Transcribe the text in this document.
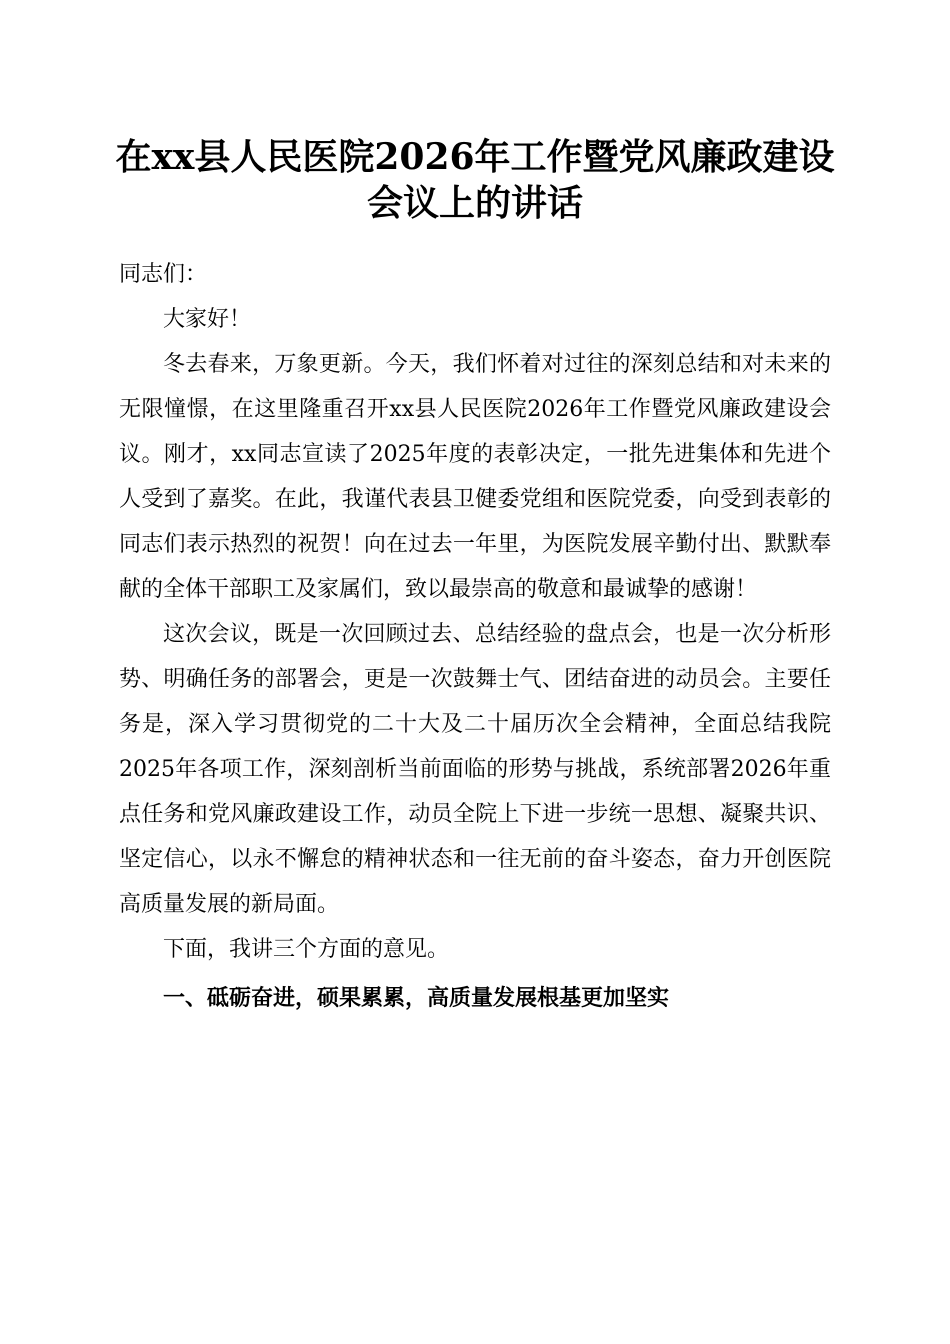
在xx县人民医院2026年工作暨党风廉政建设
会议上的讲话

同志们：

大家好！

冬去春来，万象更新。今天，我们怀着对过往的深刻总结和对未来的无限憧憬，在这里隆重召开xx县人民医院2026年工作暨党风廉政建设会议。刚才，xx同志宣读了2025年度的表彰决定，一批先进集体和先进个人受到了嘉奖。在此，我谨代表县卫健委党组和医院党委，向受到表彰的同志们表示热烈的祝贺！向在过去一年里，为医院发展辛勤付出、默默奉献的全体干部职工及家属们，致以最崇高的敬意和最诚挚的感谢！

这次会议，既是一次回顾过去、总结经验的盘点会，也是一次分析形势、明确任务的部署会，更是一次鼓舞士气、团结奋进的动员会。主要任务是，深入学习贯彻党的二十大及二十届历次全会精神，全面总结我院2025年各项工作，深刻剖析当前面临的形势与挑战，系统部署2026年重点任务和党风廉政建设工作，动员全院上下进一步统一思想、凝聚共识、坚定信心，以永不懈怠的精神状态和一往无前的奋斗姿态，奋力开创医院高质量发展的新局面。

下面，我讲三个方面的意见。

一、砥砺奋进，硕果累累，高质量发展根基更加坚实
